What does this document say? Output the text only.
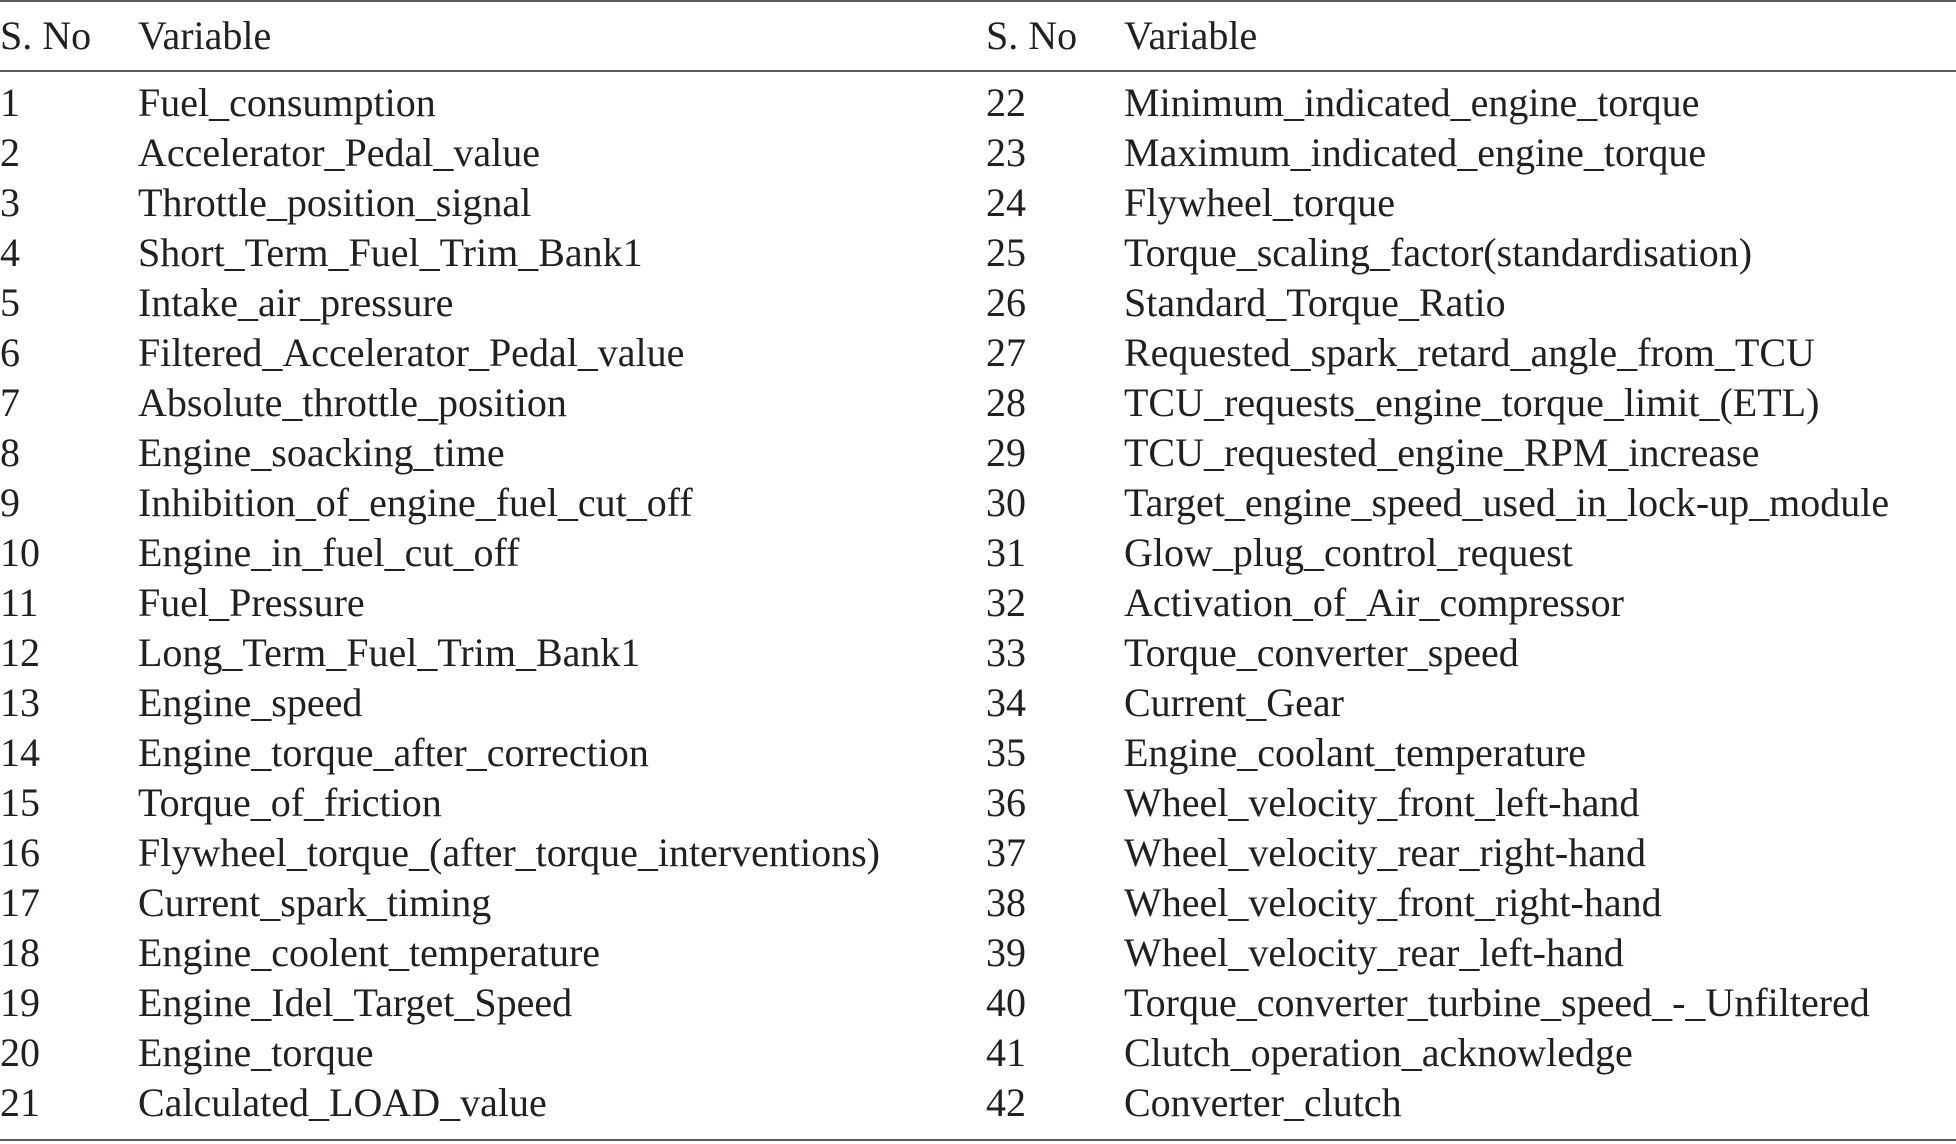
S. No	Variable	S. No	Variable

1	Fuel_consumption	22	Minimum_indicated_engine_torque
2	Accelerator_Pedal_value	23	Maximum_indicated_engine_torque
3	Throttle_position_signal	24	Flywheel_torque
4	Short_Term_Fuel_Trim_Bank1	25	Torque_scaling_factor(standardisation)
5	Intake_air_pressure	26	Standard_Torque_Ratio
6	Filtered_Accelerator_Pedal_value	27	Requested_spark_retard_angle_from_TCU
7	Absolute_throttle_position	28	TCU_requests_engine_torque_limit_(ETL)
8	Engine_soacking_time	29	TCU_requested_engine_RPM_increase
9	Inhibition_of_engine_fuel_cut_off	30	Target_engine_speed_used_in_lock-up_module
10	Engine_in_fuel_cut_off	31	Glow_plug_control_request
11	Fuel_Pressure	32	Activation_of_Air_compressor
12	Long_Term_Fuel_Trim_Bank1	33	Torque_converter_speed
13	Engine_speed	34	Current_Gear
14	Engine_torque_after_correction	35	Engine_coolant_temperature
15	Torque_of_friction	36	Wheel_velocity_front_left-hand
16	Flywheel_torque_(after_torque_interventions)	37	Wheel_velocity_rear_right-hand
17	Current_spark_timing	38	Wheel_velocity_front_right-hand
18	Engine_coolent_temperature	39	Wheel_velocity_rear_left-hand
19	Engine_Idel_Target_Speed	40	Torque_converter_turbine_speed_-_Unfiltered
20	Engine_torque	41	Clutch_operation_acknowledge
21	Calculated_LOAD_value	42	Converter_clutch
